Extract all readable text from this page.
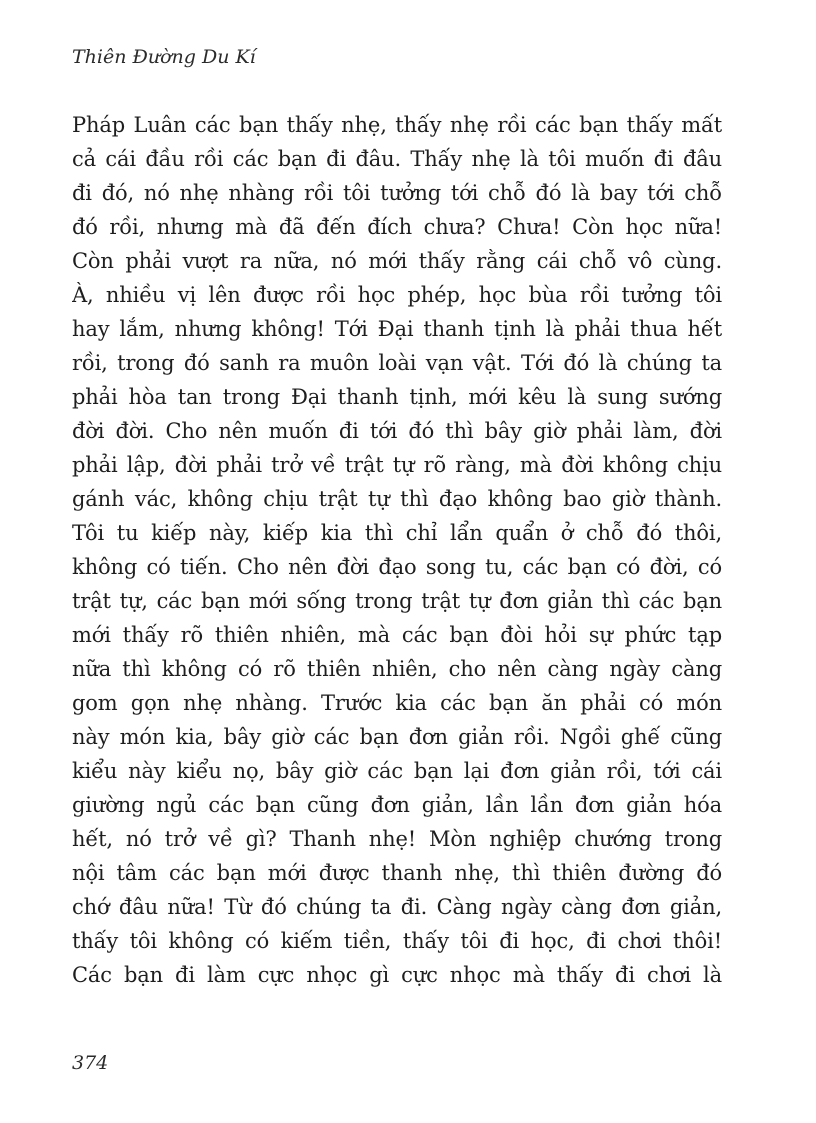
Thiên Đường Du Kí
Pháp Luân các bạn thấy nhẹ, thấy nhẹ rồi các bạn thấy mất
cả cái đầu rồi các bạn đi đâu. Thấy nhẹ là tôi muốn đi đâu
đi đó, nó nhẹ nhàng rồi tôi tưởng tới chỗ đó là bay tới chỗ
đó rồi, nhưng mà đã đến đích chưa? Chưa! Còn học nữa!
Còn phải vượt ra nữa, nó mới thấy rằng cái chỗ vô cùng.
À, nhiều vị lên được rồi học phép, học bùa rồi tưởng tôi
hay lắm, nhưng không! Tới Đại thanh tịnh là phải thua hết
rồi, trong đó sanh ra muôn loài vạn vật. Tới đó là chúng ta
phải hòa tan trong Đại thanh tịnh, mới kêu là sung sướng
đời đời. Cho nên muốn đi tới đó thì bây giờ phải làm, đời
phải lập, đời phải trở về trật tự rõ ràng, mà đời không chịu
gánh vác, không chịu trật tự thì đạo không bao giờ thành.
Tôi tu kiếp này, kiếp kia thì chỉ lẩn quẩn ở chỗ đó thôi,
không có tiến. Cho nên đời đạo song tu, các bạn có đời, có
trật tự, các bạn mới sống trong trật tự đơn giản thì các bạn
mới thấy rõ thiên nhiên, mà các bạn đòi hỏi sự phức tạp
nữa thì không có rõ thiên nhiên, cho nên càng ngày càng
gom gọn nhẹ nhàng. Trước kia các bạn ăn phải có món
này món kia, bây giờ các bạn đơn giản rồi. Ngồi ghế cũng
kiểu này kiểu nọ, bây giờ các bạn lại đơn giản rồi, tới cái
giường ngủ các bạn cũng đơn giản, lần lần đơn giản hóa
hết, nó trở về gì? Thanh nhẹ! Mòn nghiệp chướng trong
nội tâm các bạn mới được thanh nhẹ, thì thiên đường đó
chớ đâu nữa! Từ đó chúng ta đi. Càng ngày càng đơn giản,
thấy tôi không có kiếm tiền, thấy tôi đi học, đi chơi thôi!
Các bạn đi làm cực nhọc gì cực nhọc mà thấy đi chơi là
374
